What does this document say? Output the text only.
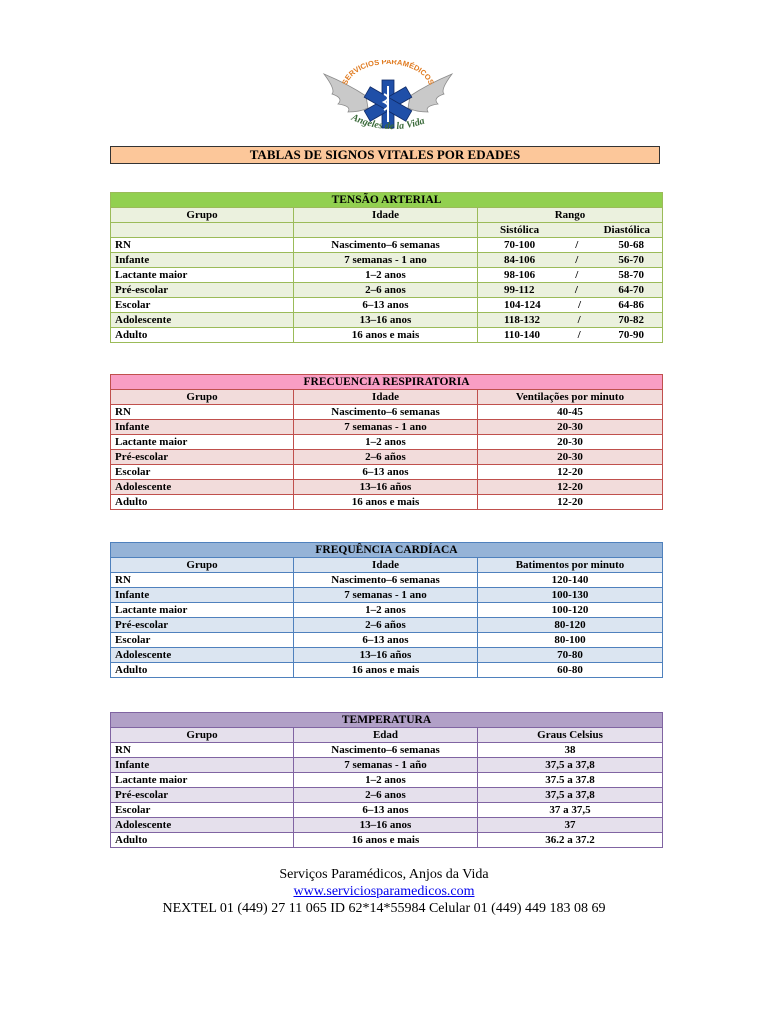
SERVICIOS PARAMÉDICOS
Angeles de la Vida
TABLAS DE SIGNOS VITALES POR EDADES
TENSÃO ARTERIAL		
Grupo	Idade	Rango

		Sistólica Diastólica

RN	Nascimento–6 semanas	70-100 / 50-68

Infante	7 semanas - 1 ano	84-106 / 56-70

Lactante maior	1–2 anos	98-106 / 58-70

Pré-escolar	2–6 anos	99-112 / 64-70

Escolar	6–13 anos	104-124 / 64-86

Adolescente	13–16 anos	118-132 / 70-82

Adulto	16 anos e mais	110-140 / 70-90
FRECUENCIA RESPIRATORIA		
Grupo	Idade	Ventilações por minuto
RN	Nascimento–6 semanas	40-45
Infante	7 semanas - 1 ano	20-30
Lactante maior	1–2 anos	20-30
Pré-escolar	2–6 años	20-30
Escolar	6–13 anos	12-20
Adolescente	13–16 años	12-20
Adulto	16 anos e mais	12-20
FREQUÊNCIA CARDÍACA		
Grupo	Idade	Batimentos por minuto
RN	Nascimento–6 semanas	120-140
Infante	7 semanas - 1 ano	100-130
Lactante maior	1–2 anos	100-120
Pré-escolar	2–6 años	80-120
Escolar	6–13 anos	80-100
Adolescente	13–16 años	70-80
Adulto	16 anos e mais	60-80
TEMPERATURA		
Grupo	Edad	Graus Celsius
RN	Nascimento–6 semanas	38
Infante	7 semanas - 1 año	37,5 a 37,8
Lactante maior	1–2 anos	37.5 a 37.8
Pré-escolar	2–6 anos	37,5 a 37,8
Escolar	6–13 anos	37 a 37,5
Adolescente	13–16 anos	37
Adulto	16 anos e mais	36.2 a 37.2
Serviços Paramédicos, Anjos da Vida
www.serviciosparamedicos.com
NEXTEL 01 (449) 27 11 065 ID 62*14*55984 Celular 01 (449) 449 183 08 69
